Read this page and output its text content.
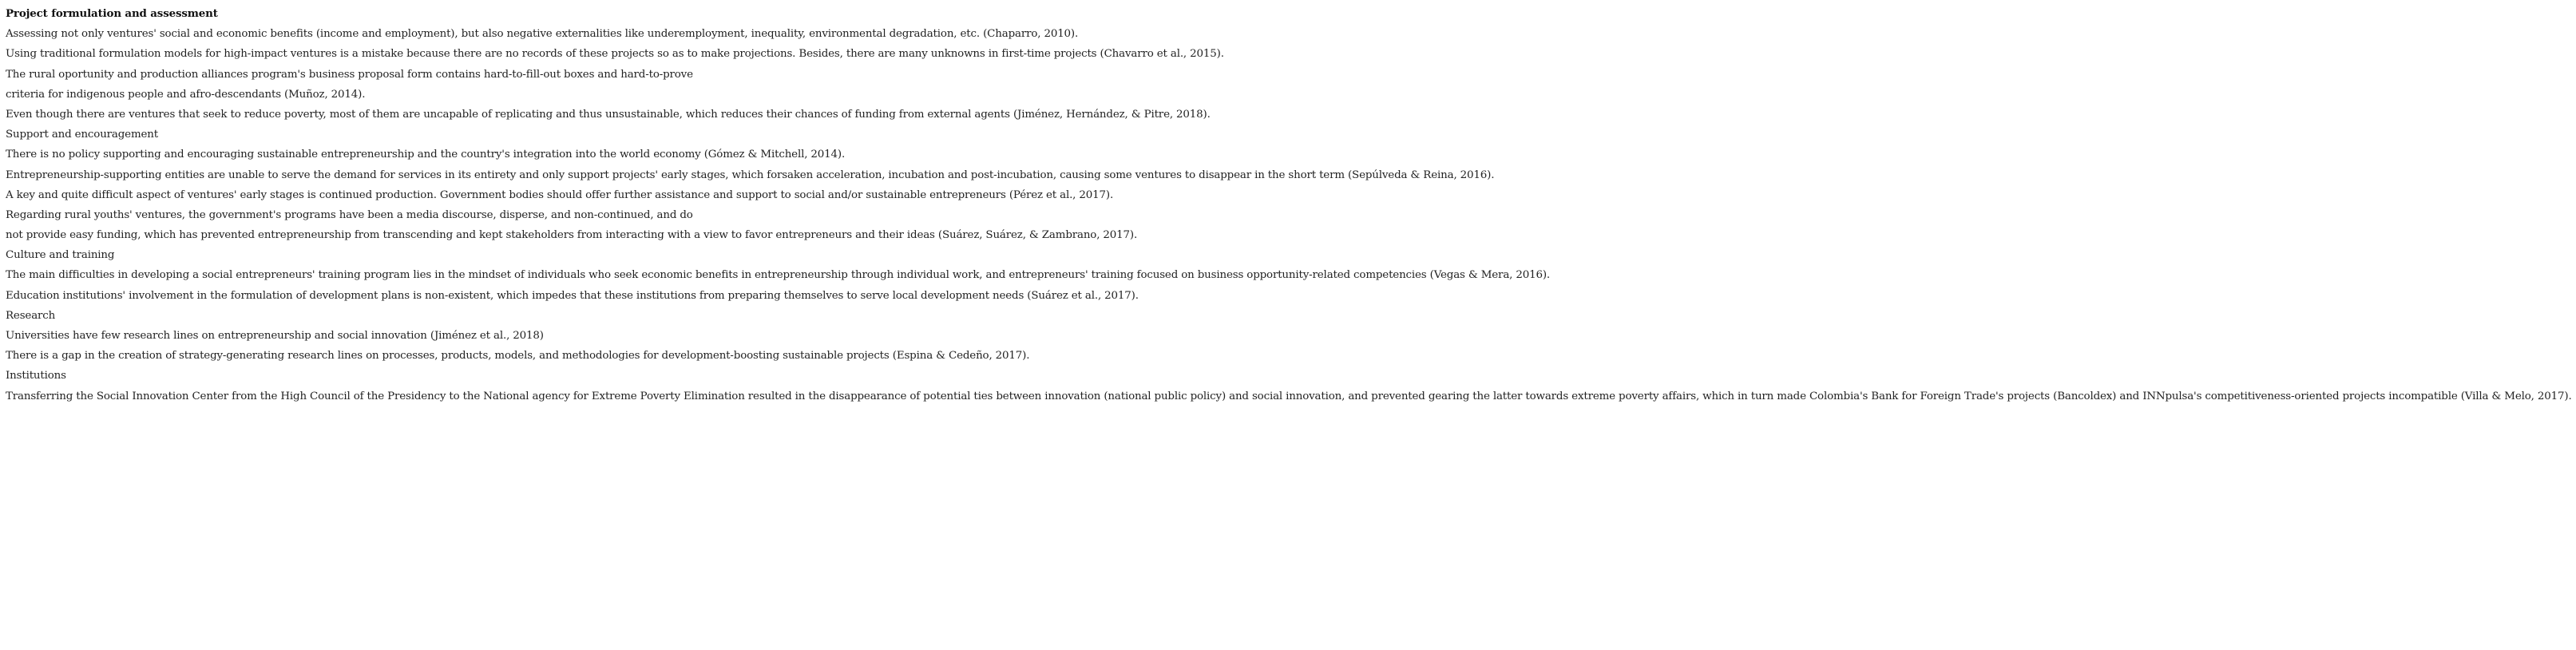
Project formulation and assessment
Assessing not only ventures' social and economic benefits (income and employment), but also negative externalities like underemployment, inequality, environmental degradation, etc. (Chaparro, 2010).
Using traditional formulation models for high-impact ventures is a mistake because there are no records of these projects so as to make projections. Besides, there are many unknowns in first-time projects (Chavarro et al., 2015).
The rural oportunity and production alliances program's business proposal form contains hard-to-fill-out boxes and hard-to-prove
criteria for indigenous people and afro-descendants (Muñoz, 2014).
Even though there are ventures that seek to reduce poverty, most of them are uncapable of replicating and thus unsustainable, which reduces their chances of funding from external agents (Jiménez, Hernández, & Pitre, 2018).
Support and encouragement
There is no policy supporting and encouraging sustainable entrepreneurship and the country's integration into the world economy (Gómez & Mitchell, 2014).
Entrepreneurship-supporting entities are unable to serve the demand for services in its entirety and only support projects' early stages, which forsaken acceleration, incubation and post-incubation, causing some ventures to disappear in the short term (Sepúlveda & Reina, 2016).
A key and quite difficult aspect of ventures' early stages is continued production. Government bodies should offer further assistance and support to social and/or sustainable entrepreneurs (Pérez et al., 2017).
Regarding rural youths' ventures, the government's programs have been a media discourse, disperse, and non-continued, and do
not provide easy funding, which has prevented entrepreneurship from transcending and kept stakeholders from interacting with a view to favor entrepreneurs and their ideas (Suárez, Suárez, & Zambrano, 2017).
Culture and training
The main difficulties in developing a social entrepreneurs' training program lies in the mindset of individuals who seek economic benefits in entrepreneurship through individual work, and entrepreneurs' training focused on business opportunity-related competencies (Vegas & Mera, 2016).
Education institutions' involvement in the formulation of development plans is non-existent, which impedes that these institutions from preparing themselves to serve local development needs (Suárez et al., 2017).
Research
Universities have few research lines on entrepreneurship and social innovation (Jiménez et al., 2018)
There is a gap in the creation of strategy-generating research lines on processes, products, models, and methodologies for development-boosting sustainable projects (Espina & Cedeño, 2017).
Institutions
Transferring the Social Innovation Center from the High Council of the Presidency to the National agency for Extreme Poverty Elimination resulted in the disappearance of potential ties between innovation (national public policy) and social innovation, and prevented gearing the latter towards extreme poverty affairs, which in turn made Colombia's Bank for Foreign Trade's projects (Bancoldex) and INNpulsa's competitiveness-oriented projects incompatible (Villa & Melo, 2017).
